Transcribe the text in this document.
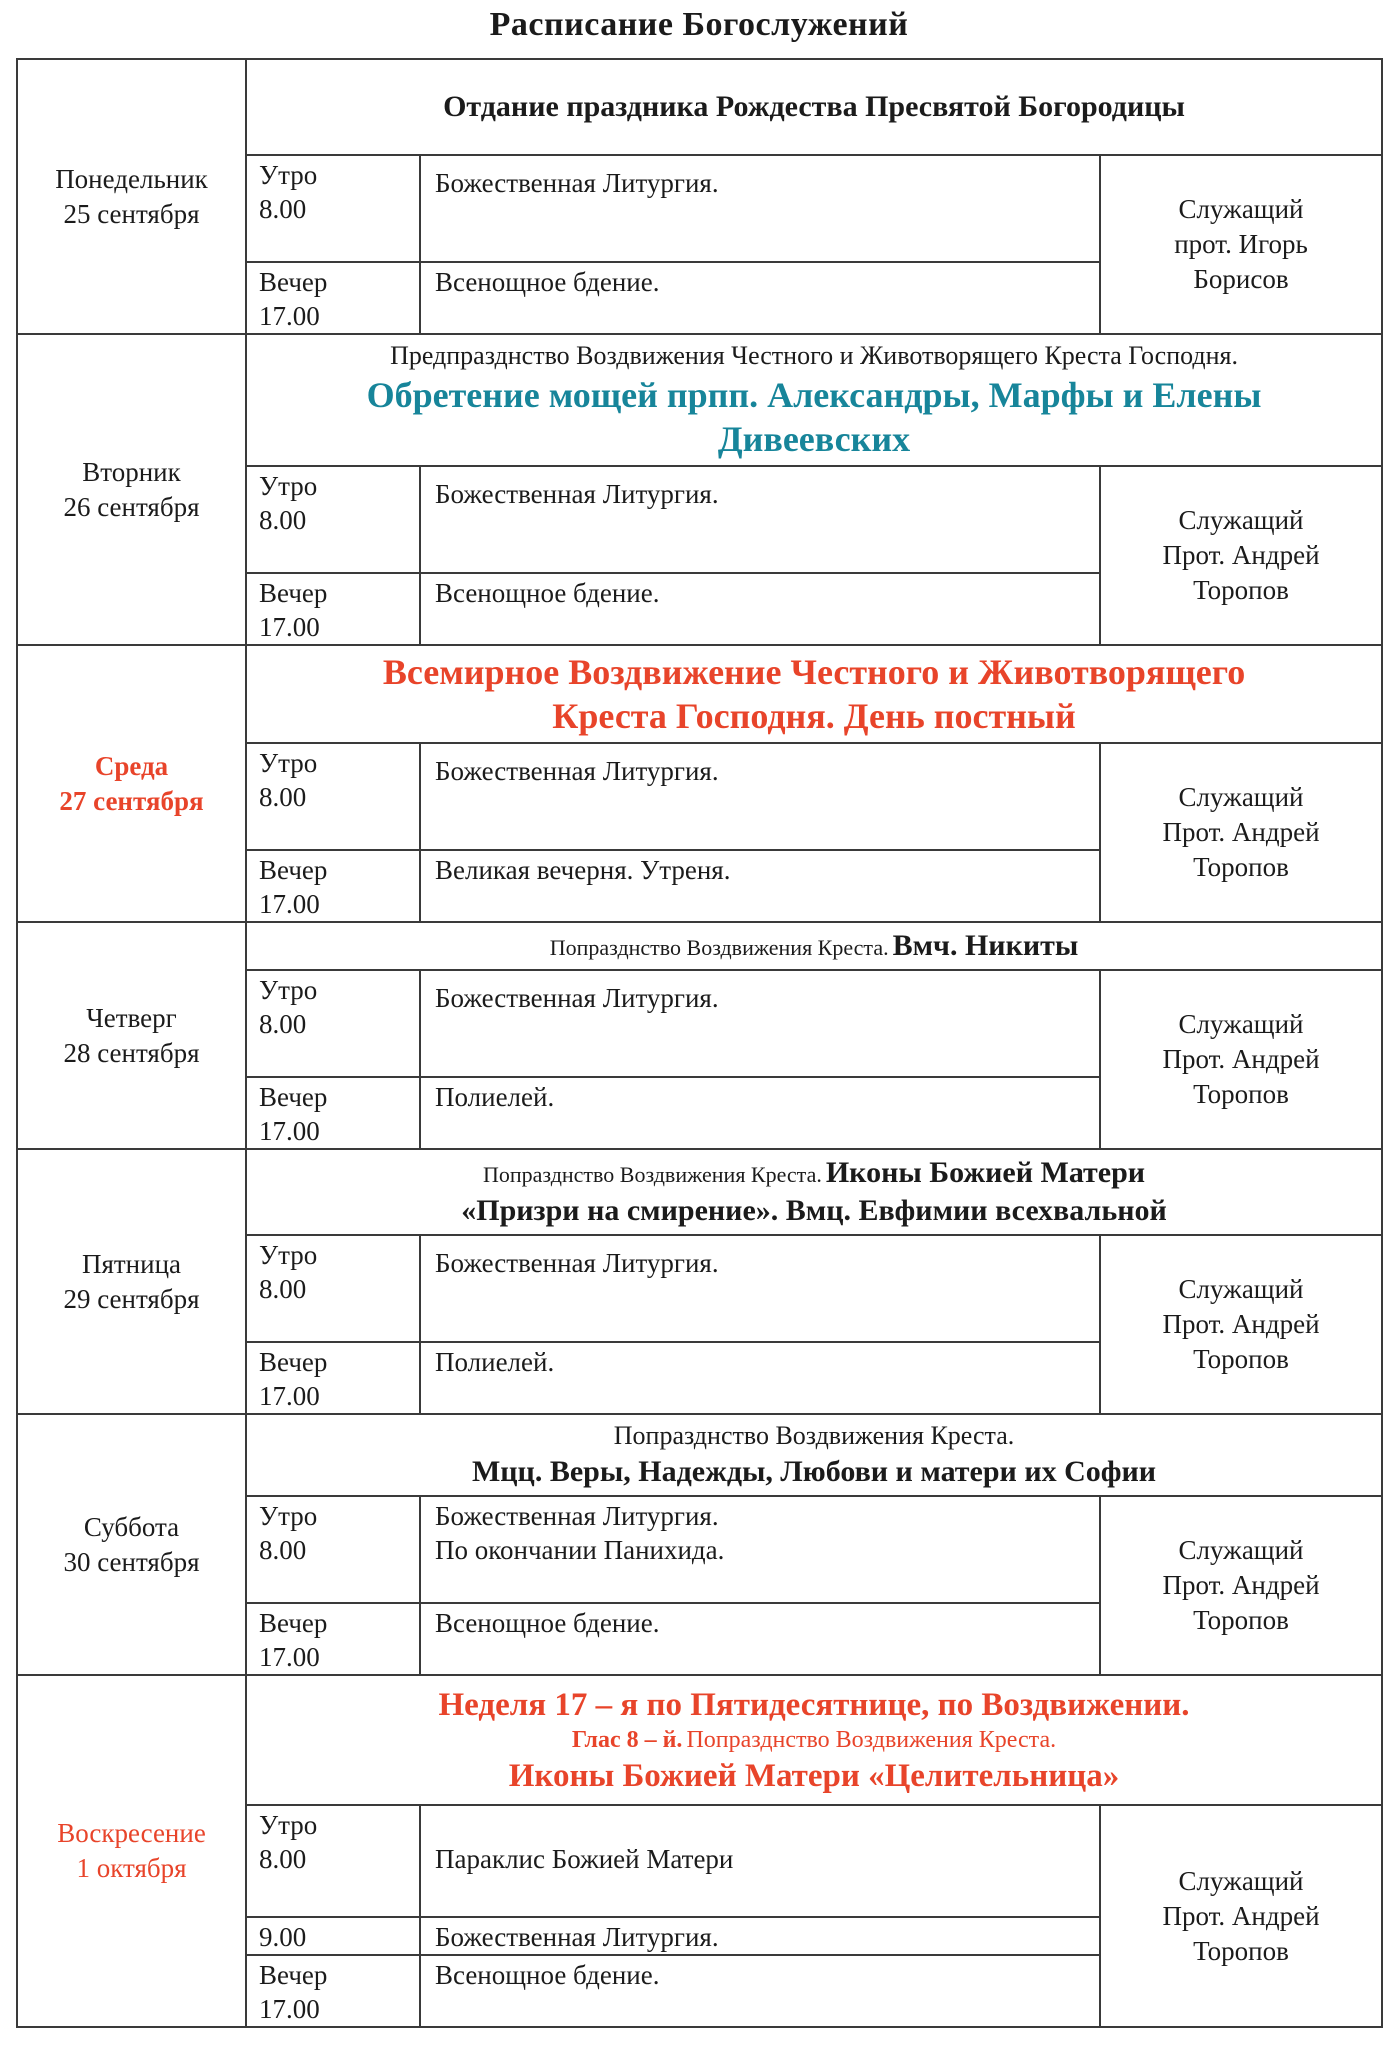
Расписание Богослужений
Понедельник
25 сентября	Отдание праздника Рождества Пресвятой Богородицы		

	Утро
8.00	Божественная Литургия.	Служащий
прот. Игорь
Борисов

	Вечер
17.00	Всенощное бдение.	

Вторник
26 сентября	Предпразднство Воздвижения Честного и Животворящего Креста Господня.
Обретение мощей прпп. Александры, Марфы и Елены
Дивеевских		

	Утро
8.00	Божественная Литургия.	Служащий
Прот. Андрей
Торопов

	Вечер
17.00	Всенощное бдение.	

Среда
27 сентября	Всемирное Воздвижение Честного и Животворящего
Креста Господня. День постный		

	Утро
8.00	Божественная Литургия.	Служащий
Прот. Андрей
Торопов

	Вечер
17.00	Великая вечерня. Утреня.	

Четверг
28 сентября	Попразднство Воздвижения Креста. Вмч. Никиты		

	Утро
8.00	Божественная Литургия.	Служащий
Прот. Андрей
Торопов

	Вечер
17.00	Полиелей.	

Пятница
29 сентября	Попразднство Воздвижения Креста. Иконы Божией Матери
«Призри на смирение». Вмц. Евфимии всехвальной		

	Утро
8.00	Божественная Литургия.	Служащий
Прот. Андрей
Торопов

	Вечер
17.00	Полиелей.	

Суббота
30 сентября	Попразднство Воздвижения Креста.
Мцц. Веры, Надежды, Любови и матери их Софии		

	Утро
8.00	Божественная Литургия.
По окончании Панихида.	Служащий
Прот. Андрей
Торопов

	Вечер
17.00	Всенощное бдение.	

Воскресение
1 октября	Неделя 17 – я по Пятидесятнице, по Воздвижении.
Глас 8 – й. Попразднство Воздвижения Креста.
Иконы Божией Матери «Целительница»		

	Утро
8.00	Параклис Божией Матери	Служащий
Прот. Андрей
Торопов

	9.00	Божественная Литургия.	

	Вечер
17.00	Всенощное бдение.	
